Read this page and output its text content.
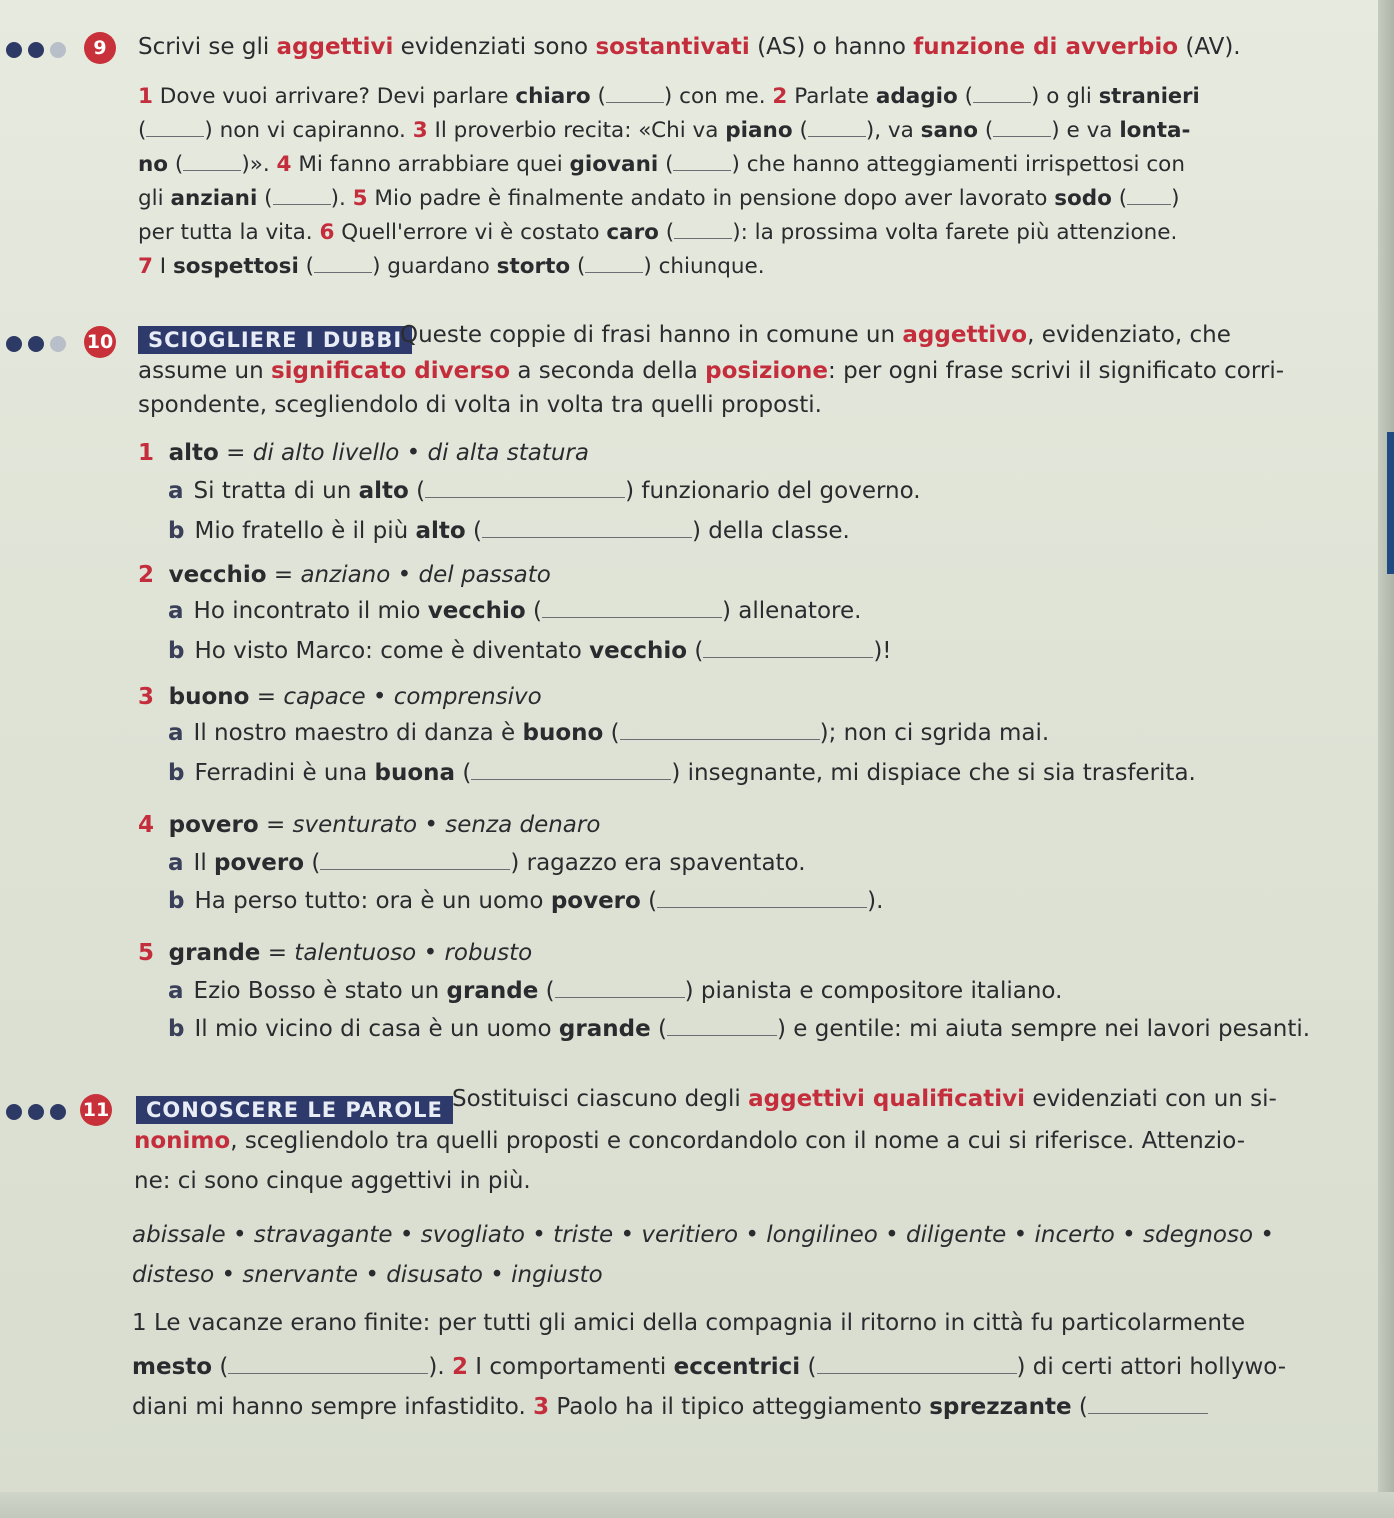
9	Scrivi se gli aggettivi evidenziati sono sostantivati (AS) o hanno funzione di avverbio (AV).
1 Dove vuoi arrivare? Devi parlare chiaro (	) con me. 2 Parlate adagio (	) o gli stranieri
(	) non vi capiranno. 3 Il proverbio recita: «Chi va piano (	), va sano (	) e va lonta-
no (	)». 4 Mi fanno arrabbiare quei giovani (	) che hanno atteggiamenti irrispettosi con
gli anziani (	). 5 Mio padre è finalmente andato in pensione dopo aver lavorato sodo ( )
per tutta la vita. 6 Quell'errore vi è costato caro (	): la prossima volta farete più attenzione.
7 I sospettosi (	) guardano storto (	) chiunque.
10	SCIOGLIERE I DUBBI
Queste coppie di frasi hanno in comune un aggettivo, evidenziato, che
assume un significato diverso a seconda della posizione: per ogni frase scrivi il significato corri-
spondente, scegliendolo di volta in volta tra quelli proposti.
1 alto = di alto livello • di alta statura
a Si tratta di un alto (	) funzionario del governo.
b Mio fratello è il più alto (	) della classe.
2 vecchio = anziano • del passato
a Ho incontrato il mio vecchio (	) allenatore.
b Ho visto Marco: come è diventato vecchio (	)!
3 buono = capace • comprensivo
a Il nostro maestro di danza è buono (	); non ci sgrida mai.
b Ferradini è una buona (	) insegnante, mi dispiace che si sia trasferita.
4 povero = sventurato • senza denaro
a Il povero (	) ragazzo era spaventato.
b Ha perso tutto: ora è un uomo povero (	).
5 grande = talentuoso • robusto
a Ezio Bosso è stato un grande (	) pianista e compositore italiano.
b Il mio vicino di casa è un uomo grande (	) e gentile: mi aiuta sempre nei lavori pesanti.
11	CONOSCERE LE PAROLE Sostituisci ciascuno degli aggettivi qualificativi evidenziati con un si-
nonimo, scegliendolo tra quelli proposti e concordandolo con il nome a cui si riferisce. Attenzio-
ne: ci sono cinque aggettivi in più.
abissale • stravagante • svogliato • triste • veritiero • longilineo • diligente • incerto • sdegnoso •
disteso • snervante • disusato • ingiusto
1 Le vacanze erano finite: per tutti gli amici della compagnia il ritorno in città fu particolarmente
mesto (	). 2 I comportamenti eccentrici (	) di certi attori hollywo-
diani mi hanno sempre infastidito. 3 Paolo ha il tipico atteggiamento sprezzante (
